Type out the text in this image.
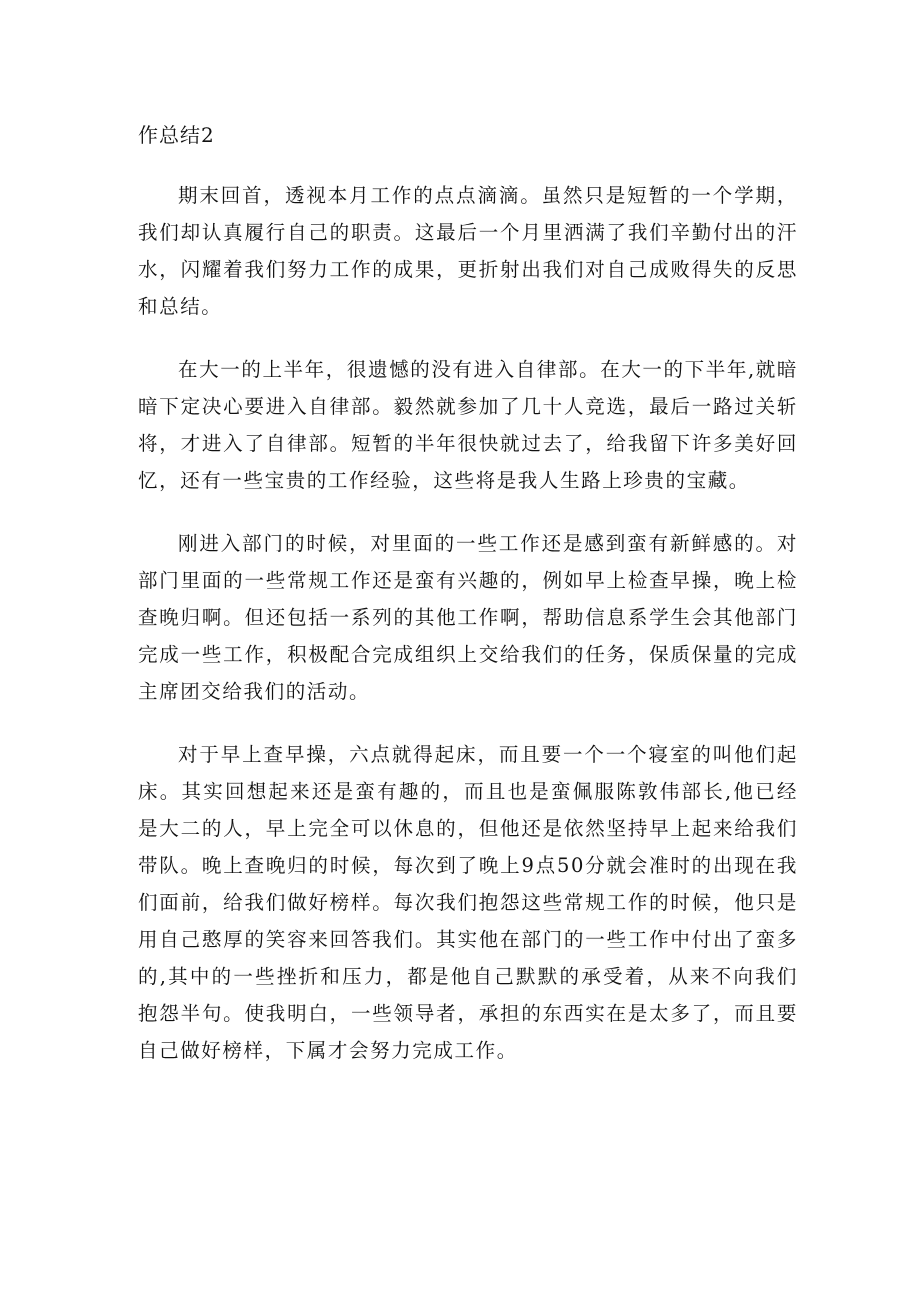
作总结2

期末回首，透视本月工作的点点滴滴。虽然只是短暂的一个学期，我们却认真履行自己的职责。这最后一个月里洒满了我们辛勤付出的汗水，闪耀着我们努力工作的成果，更折射出我们对自己成败得失的反思和总结。

在大一的上半年，很遗憾的没有进入自律部。在大一的下半年,就暗暗下定决心要进入自律部。毅然就参加了几十人竞选，最后一路过关斩将，才进入了自律部。短暂的半年很快就过去了，给我留下许多美好回忆，还有一些宝贵的工作经验，这些将是我人生路上珍贵的宝藏。

刚进入部门的时候，对里面的一些工作还是感到蛮有新鲜感的。对部门里面的一些常规工作还是蛮有兴趣的，例如早上检查早操，晚上检查晚归啊。但还包括一系列的其他工作啊，帮助信息系学生会其他部门完成一些工作，积极配合完成组织上交给我们的任务，保质保量的完成主席团交给我们的活动。

对于早上查早操，六点就得起床，而且要一个一个寝室的叫他们起床。其实回想起来还是蛮有趣的，而且也是蛮佩服陈敦伟部长,他已经是大二的人，早上完全可以休息的，但他还是依然坚持早上起来给我们带队。晚上查晚归的时候，每次到了晚上9点50分就会准时的出现在我们面前，给我们做好榜样。每次我们抱怨这些常规工作的时候，他只是用自己憨厚的笑容来回答我们。其实他在部门的一些工作中付出了蛮多的,其中的一些挫折和压力，都是他自己默默的承受着，从来不向我们抱怨半句。使我明白，一些领导者，承担的东西实在是太多了，而且要自己做好榜样，下属才会努力完成工作。
